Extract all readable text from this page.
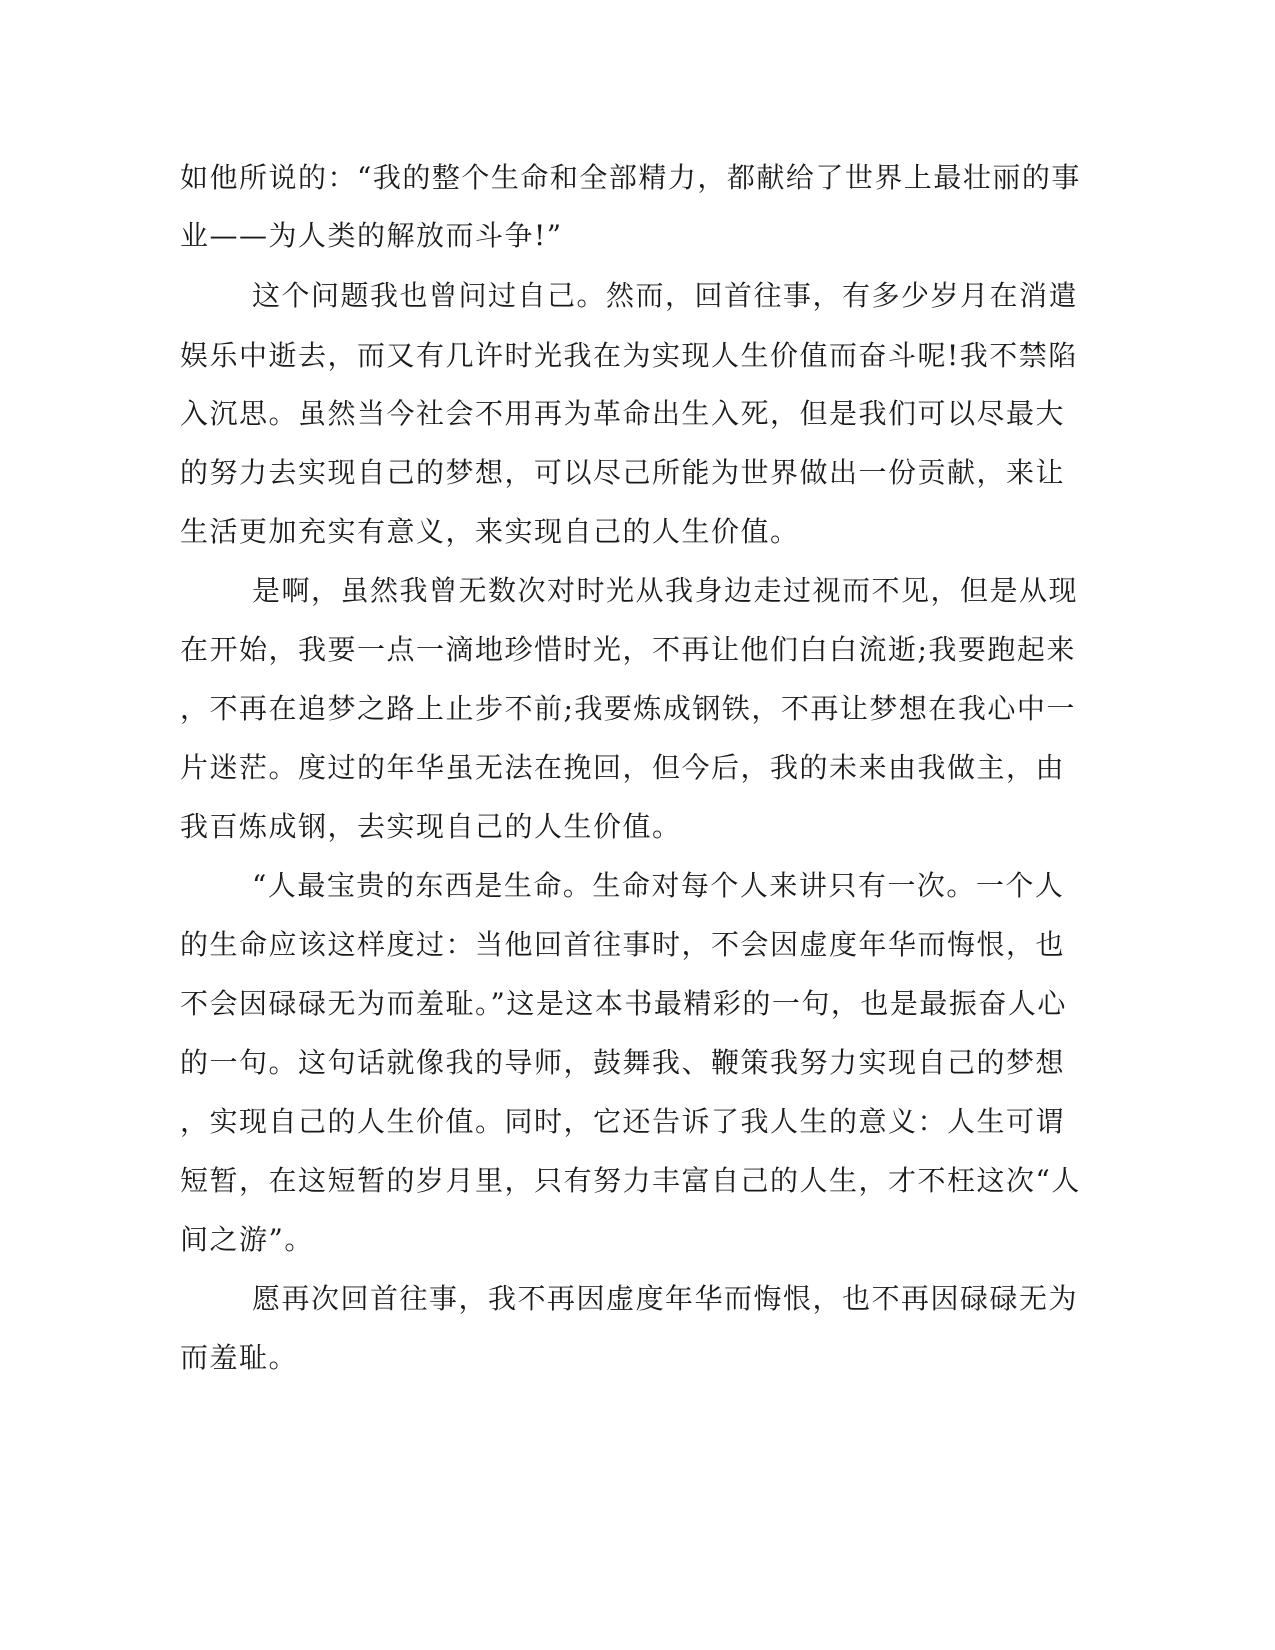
如他所说的：“我的整个生命和全部精力，都献给了世界上最壮丽的事
业——为人类的解放而斗争!”
这个问题我也曾问过自己。然而，回首往事，有多少岁月在消遣
娱乐中逝去，而又有几许时光我在为实现人生价值而奋斗呢!我不禁陷
入沉思。虽然当今社会不用再为革命出生入死，但是我们可以尽最大
的努力去实现自己的梦想，可以尽己所能为世界做出一份贡献，来让
生活更加充实有意义，来实现自己的人生价值。
是啊，虽然我曾无数次对时光从我身边走过视而不见，但是从现
在开始，我要一点一滴地珍惜时光，不再让他们白白流逝;我要跑起来
，不再在追梦之路上止步不前;我要炼成钢铁，不再让梦想在我心中一
片迷茫。度过的年华虽无法在挽回，但今后，我的未来由我做主，由
我百炼成钢，去实现自己的人生价值。
“人最宝贵的东西是生命。生命对每个人来讲只有一次。一个人
的生命应该这样度过：当他回首往事时，不会因虚度年华而悔恨，也
不会因碌碌无为而羞耻。”这是这本书最精彩的一句，也是最振奋人心
的一句。这句话就像我的导师，鼓舞我、鞭策我努力实现自己的梦想
，实现自己的人生价值。同时，它还告诉了我人生的意义：人生可谓
短暂，在这短暂的岁月里，只有努力丰富自己的人生，才不枉这次“人
间之游”。
愿再次回首往事，我不再因虚度年华而悔恨，也不再因碌碌无为
而羞耻。
